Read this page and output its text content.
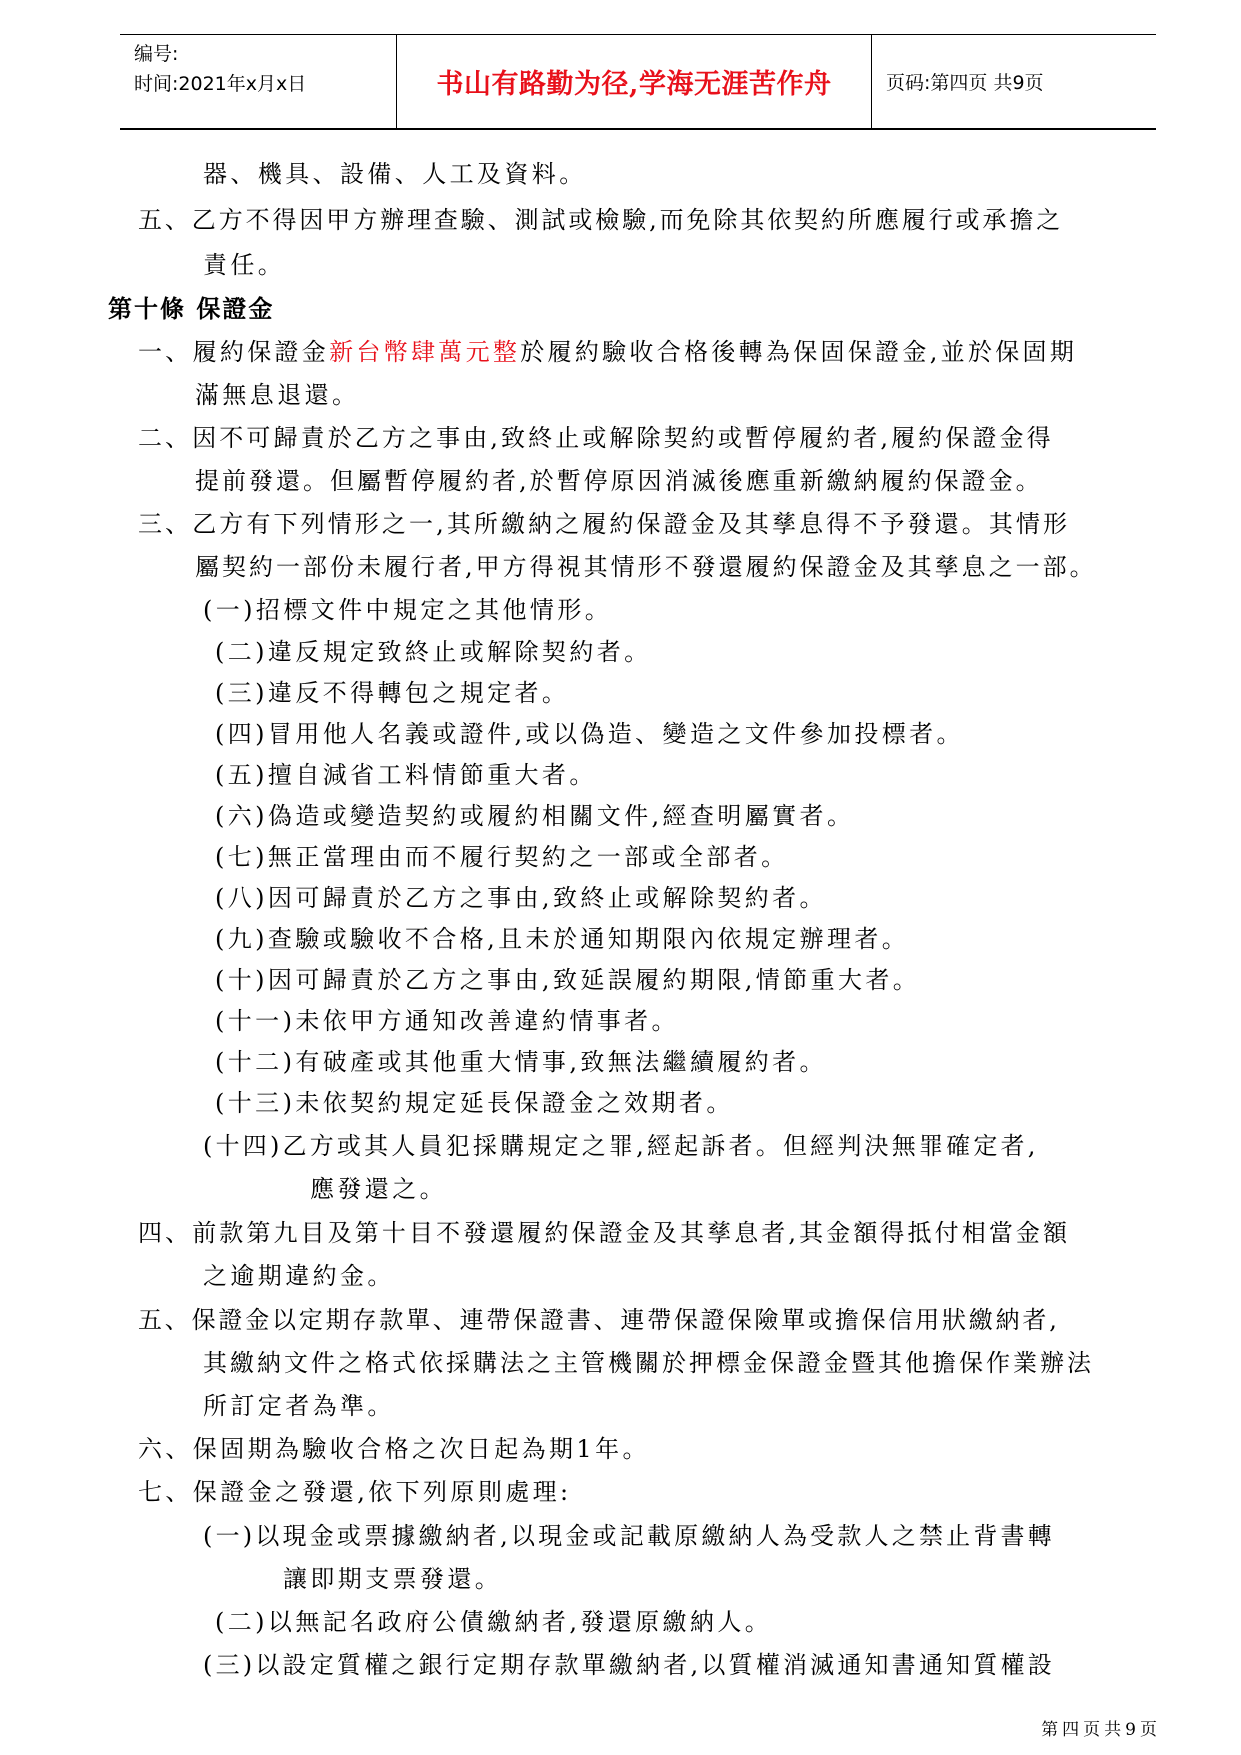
编号:
时间:2021年x月x日	书山有路勤为径,学海无涯苦作舟	页码:第四页 共9页
器、機具、設備、人工及資料。
五、乙方不得因甲方辦理查驗、測試或檢驗,而免除其依契約所應履行或承擔之
責任。
第十條 保證金
一、履約保證金新台幣肆萬元整於履約驗收合格後轉為保固保證金,並於保固期
滿無息退還。
二、因不可歸責於乙方之事由,致終止或解除契約或暫停履約者,履約保證金得
提前發還。但屬暫停履約者,於暫停原因消滅後應重新繳納履約保證金。
三、乙方有下列情形之一,其所繳納之履約保證金及其孳息得不予發還。其情形
屬契約一部份未履行者,甲方得視其情形不發還履約保證金及其孳息之一部。
(一)招標文件中規定之其他情形。
(二)違反規定致終止或解除契約者。
(三)違反不得轉包之規定者。
(四)冒用他人名義或證件,或以偽造、變造之文件參加投標者。
(五)擅自減省工料情節重大者。
(六)偽造或變造契約或履約相關文件,經查明屬實者。
(七)無正當理由而不履行契約之一部或全部者。
(八)因可歸責於乙方之事由,致終止或解除契約者。
(九)查驗或驗收不合格,且未於通知期限內依規定辦理者。
(十)因可歸責於乙方之事由,致延誤履約期限,情節重大者。
(十一)未依甲方通知改善違約情事者。
(十二)有破產或其他重大情事,致無法繼續履約者。
(十三)未依契約規定延長保證金之效期者。
(十四)乙方或其人員犯採購規定之罪,經起訴者。但經判決無罪確定者,
應發還之。
四、前款第九目及第十目不發還履約保證金及其孳息者,其金額得抵付相當金額
之逾期違約金。
五、保證金以定期存款單、連帶保證書、連帶保證保險單或擔保信用狀繳納者,
其繳納文件之格式依採購法之主管機關於押標金保證金暨其他擔保作業辦法
所訂定者為準。
六、保固期為驗收合格之次日起為期1年。
七、保證金之發還,依下列原則處理:
(一)以現金或票據繳納者,以現金或記載原繳納人為受款人之禁止背書轉
讓即期支票發還。
(二)以無記名政府公債繳納者,發還原繳納人。
(三)以設定質權之銀行定期存款單繳納者,以質權消滅通知書通知質權設
第四页共9页
